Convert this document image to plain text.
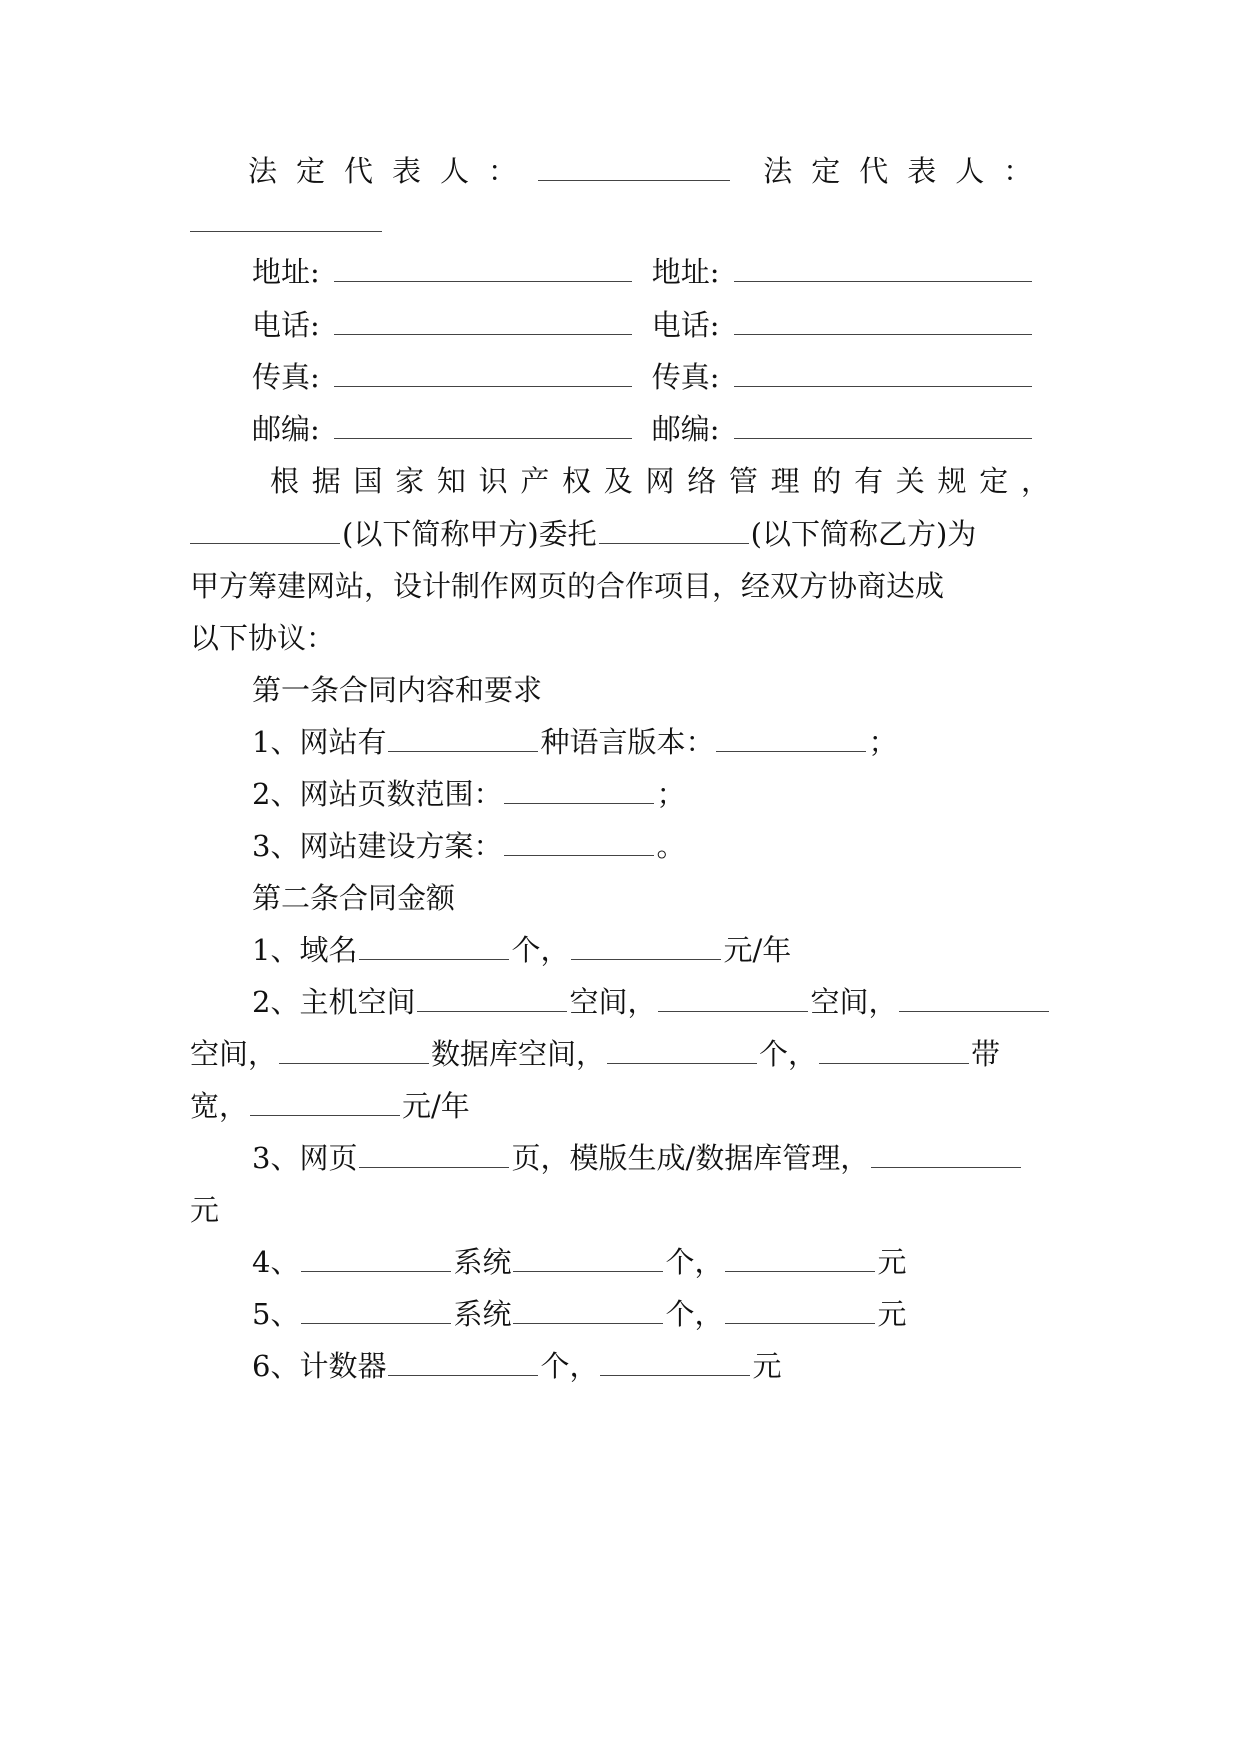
法定代表人：	法定代表人：
地址:	地址:
电话:	电话:
传真:	传真:
邮编:	邮编:
根 据 国 家 知 识 产 权 及 网 络 管 理 的 有 关 规 定 ，
(以下简称甲方)委托	(以下简称乙方)为
甲方筹建网站，设计制作网页的合作项目，经双方协商达成
以下协议：
第一条合同内容和要求
1、网站有	种语言版本：	；
2、网站页数范围：	；
3、网站建设方案：	。
第二条合同金额
1、域名	个，	元/年
2、主机空间	空间，	空间，
空间，	数据库空间，	个，	带
宽，	元/年
3、网页	页，模版生成/数据库管理，
元
4、	系统	个，	元
5、	系统	个，	元
6、计数器	个，	元
